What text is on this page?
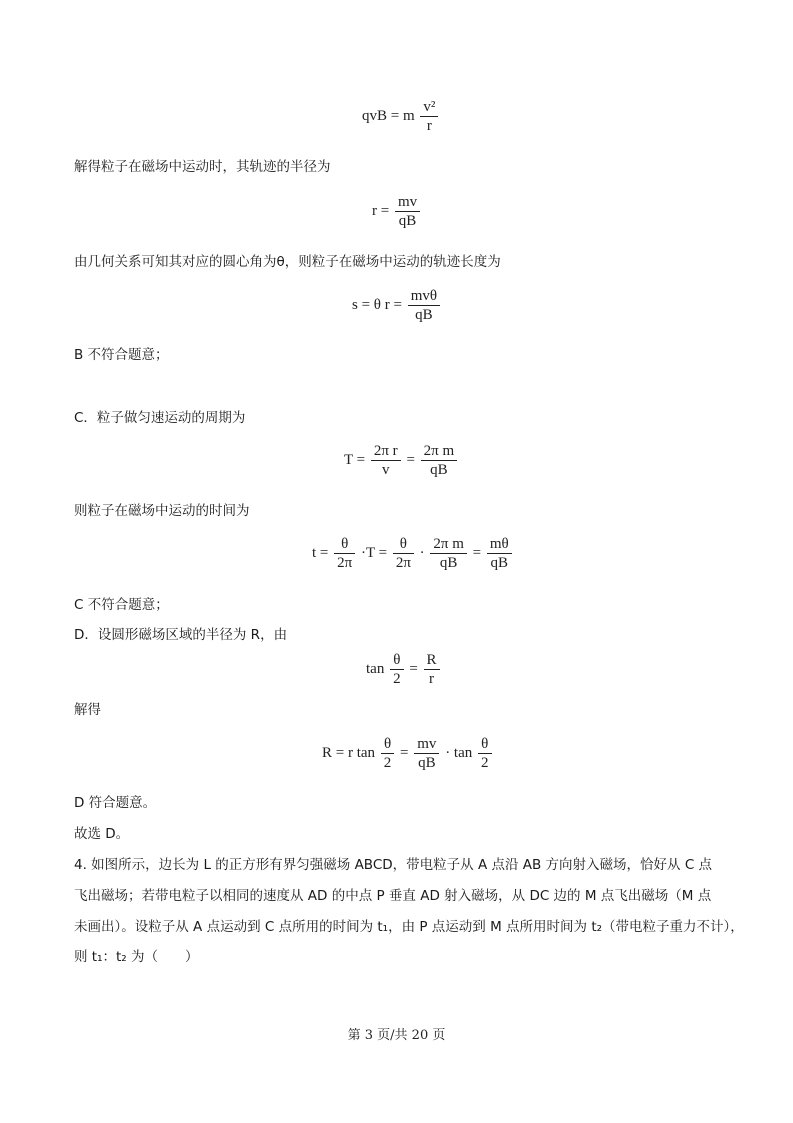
qvB = m $\frac{\text{v²}}{r}$
解得粒子在磁场中运动时，其轨迹的半径为
$r = \frac{mv}{qB}$
由几何关系可知其对应的圆心角为θ，则粒子在磁场中运动的轨迹长度为
s = θ $r = \frac{\text{mvθ}}{qB}$
B 不符合题意；
C．粒子做匀速运动的周期为
$T = \frac{\text{2π r}}{v} = \frac{\text{2π m}}{qB}$
则粒子在磁场中运动的时间为
$t = \frac{\theta}{2\pi} \cdot T = \frac{\theta}{2\pi} \cdot \frac{\text{2π m}}{qB} = \frac{m\theta}{qB}$
C 不符合题意；
D．设圆形磁场区域的半径为 R，由
$\tan \frac{\theta}{2} = \frac{R}{r}$
解得
R = r $\tan \frac{\theta}{2} = \frac{mv}{qB} \cdot \tan \frac{\theta}{2}$
D 符合题意。
故选 D。
4. 如图所示，边长为 L 的正方形有界匀强磁场 ABCD，带电粒子从 A 点沿 AB 方向射入磁场，恰好从 C 点
飞出磁场；若带电粒子以相同的速度从 AD 的中点 P 垂直 AD 射入磁场，从 DC 边的 M 点飞出磁场（M 点
未画出）。设粒子从 A 点运动到 C 点所用的时间为 t₁，由 P 点运动到 M 点所用时间为 t₂（带电粒子重力不计），
则 t₁：t₂ 为（　　）
第 3 页/共 20 页
